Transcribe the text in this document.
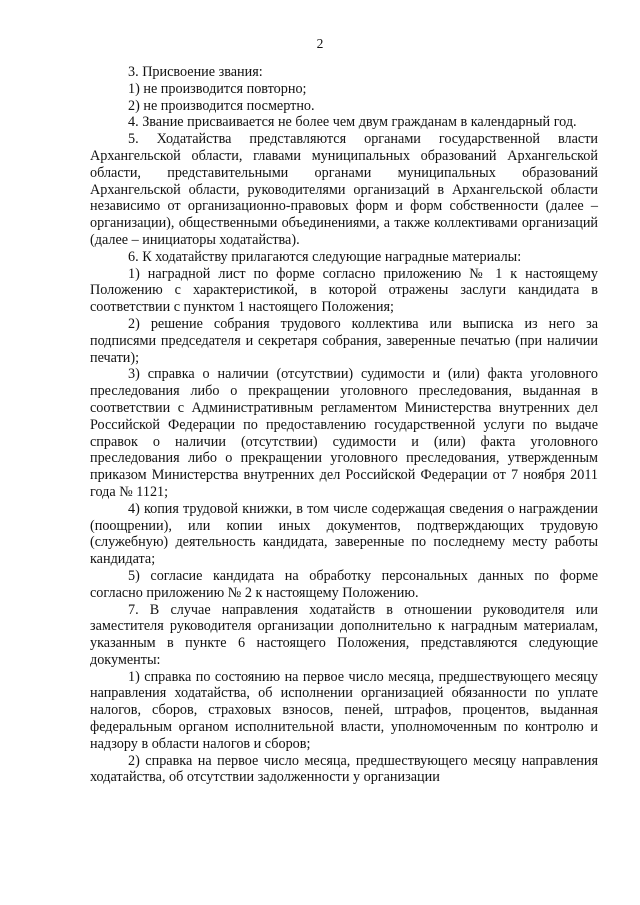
2

3. Присвоение звания:

1) не производится повторно;

2) не производится посмертно.

4. Звание присваивается не более чем двум гражданам в календарный год.

5. Ходатайства представляются органами государственной власти Архангельской области, главами муниципальных образований Архангельской области, представительными органами муниципальных образований Архангельской области, руководителями организаций в Архангельской области независимо от организационно-правовых форм и форм собственности (далее – организации), общественными объединениями, а также коллективами организаций (далее – инициаторы ходатайства).

6. К ходатайству прилагаются следующие наградные материалы:

1) наградной лист по форме согласно приложению № 1 к настоящему Положению с характеристикой, в которой отражены заслуги кандидата в соответствии с пунктом 1 настоящего Положения;

2) решение собрания трудового коллектива или выписка из него за подписями председателя и секретаря собрания, заверенные печатью (при наличии печати);

3) справка о наличии (отсутствии) судимости и (или) факта уголовного преследования либо о прекращении уголовного преследования, выданная в соответствии с Административным регламентом Министерства внутренних дел Российской Федерации по предоставлению государственной услуги по выдаче справок о наличии (отсутствии) судимости и (или) факта уголовного преследования либо о прекращении уголовного преследования, утвержденным приказом Министерства внутренних дел Российской Федерации от 7 ноября 2011 года № 1121;

4) копия трудовой книжки, в том числе содержащая сведения о награждении (поощрении), или копии иных документов, подтверждающих трудовую (служебную) деятельность кандидата, заверенные по последнему месту работы кандидата;

5) согласие кандидата на обработку персональных данных по форме согласно приложению № 2 к настоящему Положению.

7. В случае направления ходатайств в отношении руководителя или заместителя руководителя организации дополнительно к наградным материалам, указанным в пункте 6 настоящего Положения, представляются следующие документы:

1) справка по состоянию на первое число месяца, предшествующего месяцу направления ходатайства, об исполнении организацией обязанности по уплате налогов, сборов, страховых взносов, пеней, штрафов, процентов, выданная федеральным органом исполнительной власти, уполномоченным по контролю и надзору в области налогов и сборов;

2) справка на первое число месяца, предшествующего месяцу направления ходатайства, об отсутствии задолженности у организации
